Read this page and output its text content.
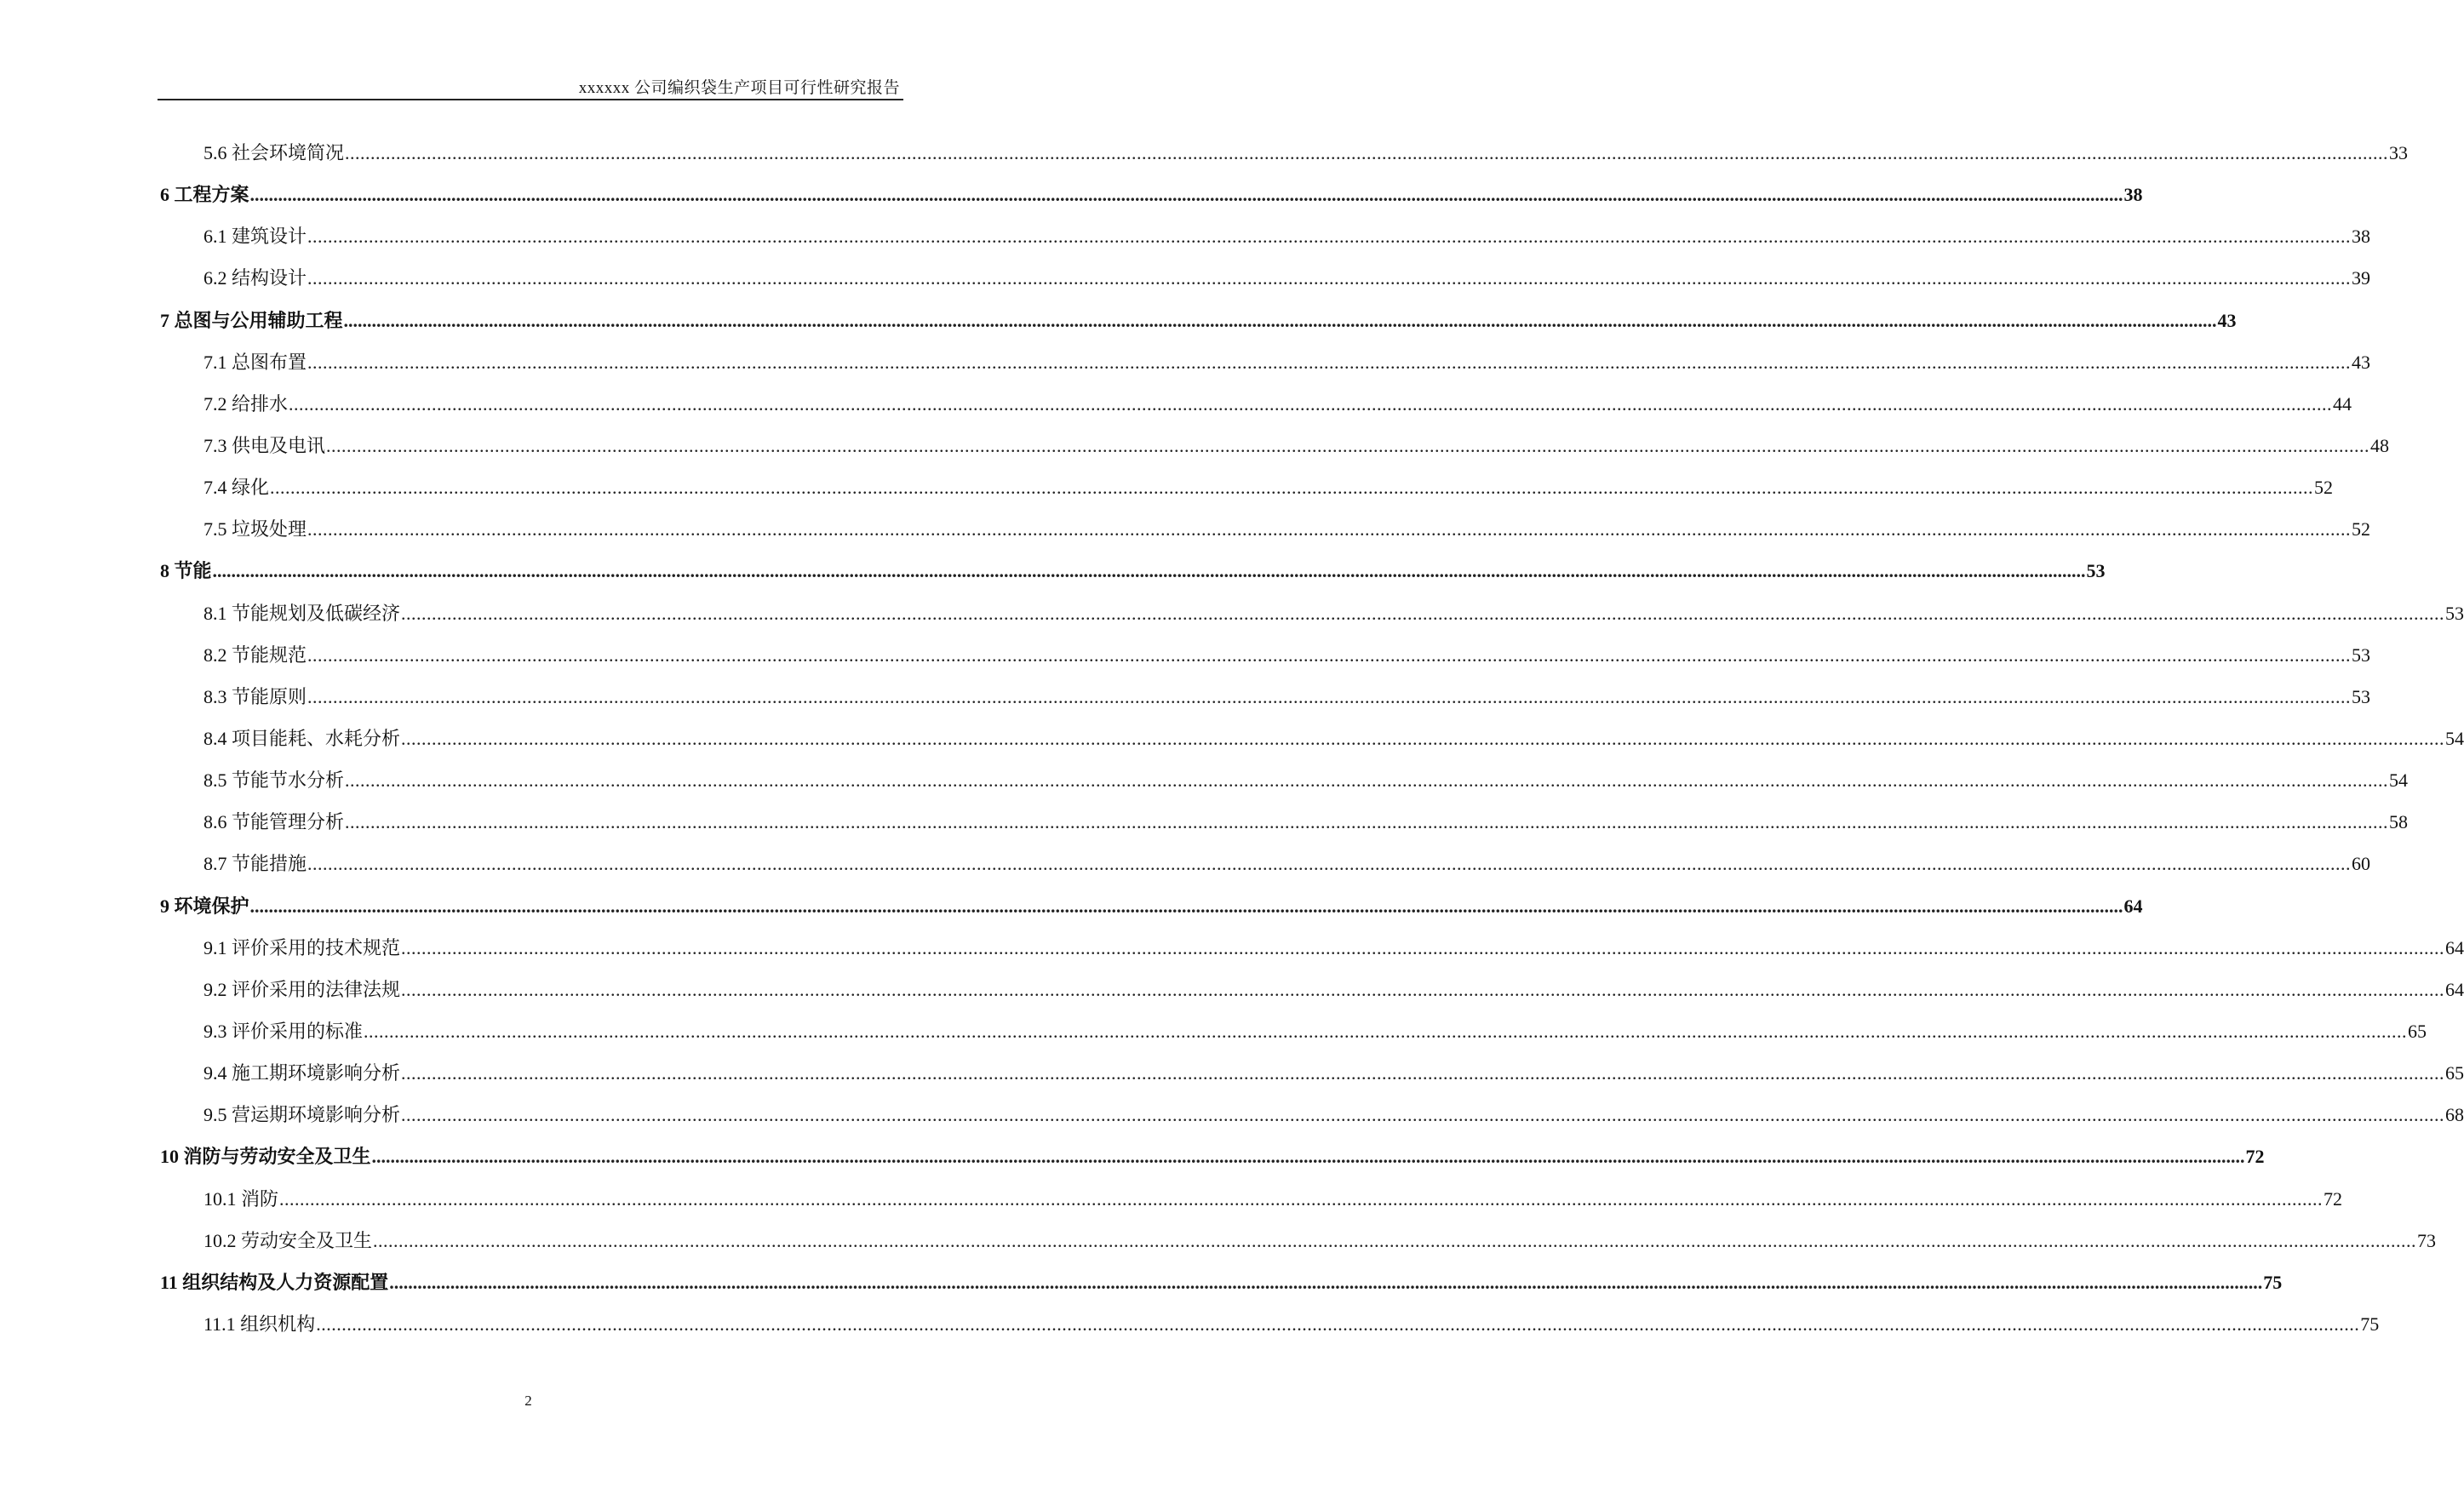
xxxxxx 公司编织袋生产项目可行性研究报告
5.6 社会环境简况 ................................................................................................................................................................................................................................................................................................................................................................................................................ 33
6 工程方案 ................................................................................................................................................................................................................................................................................................................................................................................................................ 38
6.1 建筑设计 ................................................................................................................................................................................................................................................................................................................................................................................................................ 38
6.2 结构设计 ................................................................................................................................................................................................................................................................................................................................................................................................................ 39
7 总图与公用辅助工程 ................................................................................................................................................................................................................................................................................................................................................................................................................ 43
7.1 总图布置 ................................................................................................................................................................................................................................................................................................................................................................................................................ 43
7.2 给排水 ................................................................................................................................................................................................................................................................................................................................................................................................................ 44
7.3 供电及电讯 ................................................................................................................................................................................................................................................................................................................................................................................................................ 48
7.4 绿化 ................................................................................................................................................................................................................................................................................................................................................................................................................ 52
7.5 垃圾处理 ................................................................................................................................................................................................................................................................................................................................................................................................................ 52
8 节能 ................................................................................................................................................................................................................................................................................................................................................................................................................ 53
8.1 节能规划及低碳经济 ................................................................................................................................................................................................................................................................................................................................................................................................................ 53
8.2 节能规范 ................................................................................................................................................................................................................................................................................................................................................................................................................ 53
8.3 节能原则 ................................................................................................................................................................................................................................................................................................................................................................................................................ 53
8.4 项目能耗、水耗分析 ................................................................................................................................................................................................................................................................................................................................................................................................................ 54
8.5 节能节水分析 ................................................................................................................................................................................................................................................................................................................................................................................................................ 54
8.6 节能管理分析 ................................................................................................................................................................................................................................................................................................................................................................................................................ 58
8.7 节能措施 ................................................................................................................................................................................................................................................................................................................................................................................................................ 60
9 环境保护 ................................................................................................................................................................................................................................................................................................................................................................................................................ 64
9.1 评价采用的技术规范 ................................................................................................................................................................................................................................................................................................................................................................................................................ 64
9.2 评价采用的法律法规 ................................................................................................................................................................................................................................................................................................................................................................................................................ 64
9.3 评价采用的标准 ................................................................................................................................................................................................................................................................................................................................................................................................................ 65
9.4 施工期环境影响分析 ................................................................................................................................................................................................................................................................................................................................................................................................................ 65
9.5 营运期环境影响分析 ................................................................................................................................................................................................................................................................................................................................................................................................................ 68
10 消防与劳动安全及卫生 ................................................................................................................................................................................................................................................................................................................................................................................................................ 72
10.1 消防 ................................................................................................................................................................................................................................................................................................................................................................................................................ 72
10.2 劳动安全及卫生 ................................................................................................................................................................................................................................................................................................................................................................................................................ 73
11 组织结构及人力资源配置 ................................................................................................................................................................................................................................................................................................................................................................................................................ 75
11.1 组织机构 ................................................................................................................................................................................................................................................................................................................................................................................................................ 75
2
